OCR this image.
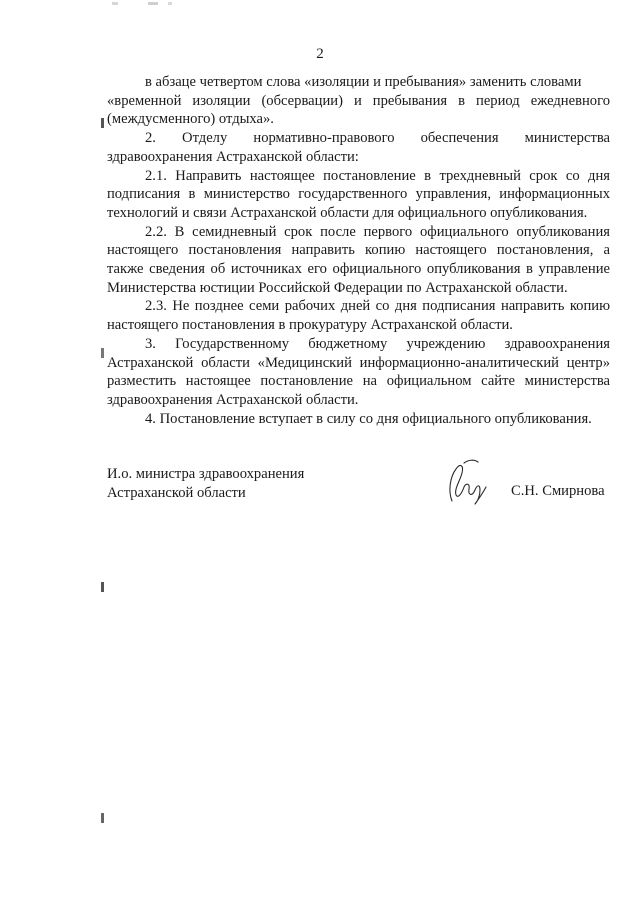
2

в абзаце четвертом слова «изоляции и пребывания» заменить словами

«временной изоляции (обсервации) и пребывания в период ежедневного

(междусменного) отдыха».

2. Отделу нормативно-правового обеспечения министерства

здравоохранения Астраханской области:

2.1. Направить настоящее постановление в трехдневный срок со дня

подписания в министерство государственного управления, информационных

технологий и связи Астраханской области для официального опубликования.

2.2. В семидневный срок после первого официального опубликования

настоящего постановления направить копию настоящего постановления, а

также сведения об источниках его официального опубликования в управление

Министерства юстиции Российской Федерации по Астраханской области.

2.3. Не позднее семи рабочих дней со дня подписания направить копию

настоящего постановления в прокуратуру Астраханской области.

3. Государственному бюджетному учреждению здравоохранения

Астраханской области «Медицинский информационно-аналитический центр»

разместить настоящее постановление на официальном сайте министерства

здравоохранения Астраханской области.

4. Постановление вступает в силу со дня официального опубликования.

И.о. министра здравоохранения
Астраханской области	С.Н. Смирнова
